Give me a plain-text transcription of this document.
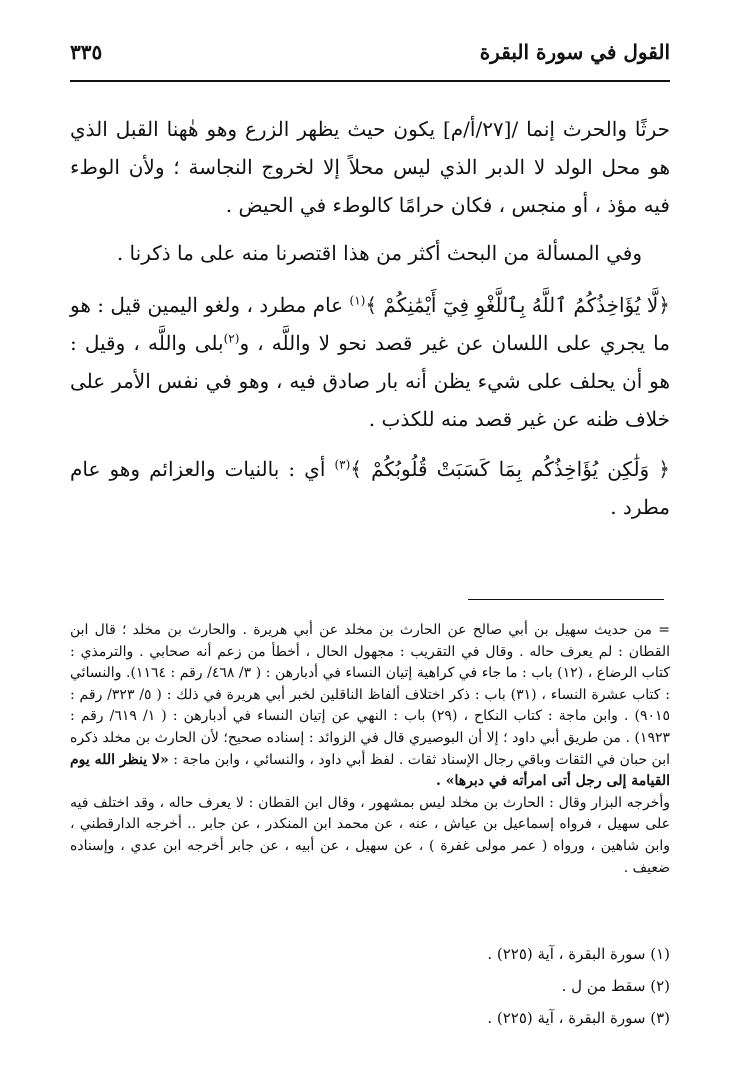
القول في سورة البقرة
٣٣٥

حرثًا والحرث إنما /[٢٧/أ/م] يكون حيث يظهر الزرع وهو هٰهنا القبل الذي هو محل الولد لا الدبر الذي ليس محلاً إلا لخروج النجاسة ؛ ولأن الوطء فيه مؤذ ، أو منجس ، فكان حرامًا كالوطء في الحيض .

وفي المسألة من البحث أكثر من هذا اقتصرنا منه على ما ذكرنا .

﴿لَّا يُؤَاخِذُكُمُ ٱللَّهُ بِٱللَّغْوِ فِيٓ أَيْمَٰنِكُمْ ﴾$^{(١)}$ عام مطرد ، ولغو اليمين قيل : هو ما يجري على اللسان عن غير قصد نحو لا واللَّه ، و$^{(٢)}$بلى واللَّه ، وقيل : هو أن يحلف على شيء يظن أنه بار صادق فيه ، وهو في نفس الأمر على خلاف ظنه عن غير قصد منه للكذب .

﴿ وَلَٰكِن يُؤَاخِذُكُم بِمَا كَسَبَتْ قُلُوبُكُمْ ﴾$^{(٣)}$ أي : بالنيات والعزائم وهو عام مطرد .

= من حديث سهيل بن أبي صالح عن الحارث بن مخلد عن أبي هريرة . والحارث بن مخلد ؛ قال ابن القطان : لم يعرف حاله . وقال في التقريب : مجهول الحال ، أخطأ من زعم أنه صحابي . والترمذي : كتاب الرضاع ، (١٢) باب : ما جاء في كراهية إتيان النساء في أدبارهن : ( ٣/ ٤٦٨/ رقم : ١١٦٤). والنسائي : كتاب عشرة النساء ، (٣١) باب : ذكر اختلاف ألفاظ الناقلين لخبر أبي هريرة في ذلك : ( ٥/ ٣٢٣/ رقم : ٩٠١٥) . وابن ماجة : كتاب النكاح ، (٢٩) باب : النهي عن إتيان النساء في أدبارهن : ( ١/ ٦١٩/ رقم : ١٩٢٣) . من طريق أبي داود ؛ إلا أن البوصيري قال في الزوائد : إسناده صحيح؛ لأن الحارث بن مخلد ذكره ابن حبان في الثقات وباقي رجال الإسناد ثقات . لفظ أبي داود ، والنسائي ، وابن ماجة : «لا ينظر الله يوم القيامة إلى رجل أتى امرأته في دبرها» .

وأخرجه البزار وقال : الحارث بن مخلد ليس بمشهور ، وقال ابن القطان : لا يعرف حاله ، وقد اختلف فيه على سهيل ، فرواه إسماعيل بن عياش ، عنه ، عن محمد ابن المنكدر ، عن جابر .. أخرجه الدارقطني ، وابن شاهين ، ورواه ( عمر مولى غفرة ) ، عن سهيل ، عن أبيه ، عن جابر أخرجه ابن عدي ، وإسناده ضعيف .

(١) سورة البقرة ، آية (٢٢٥) .
(٢) سقط من ل .
(٣) سورة البقرة ، آية (٢٢٥) .
